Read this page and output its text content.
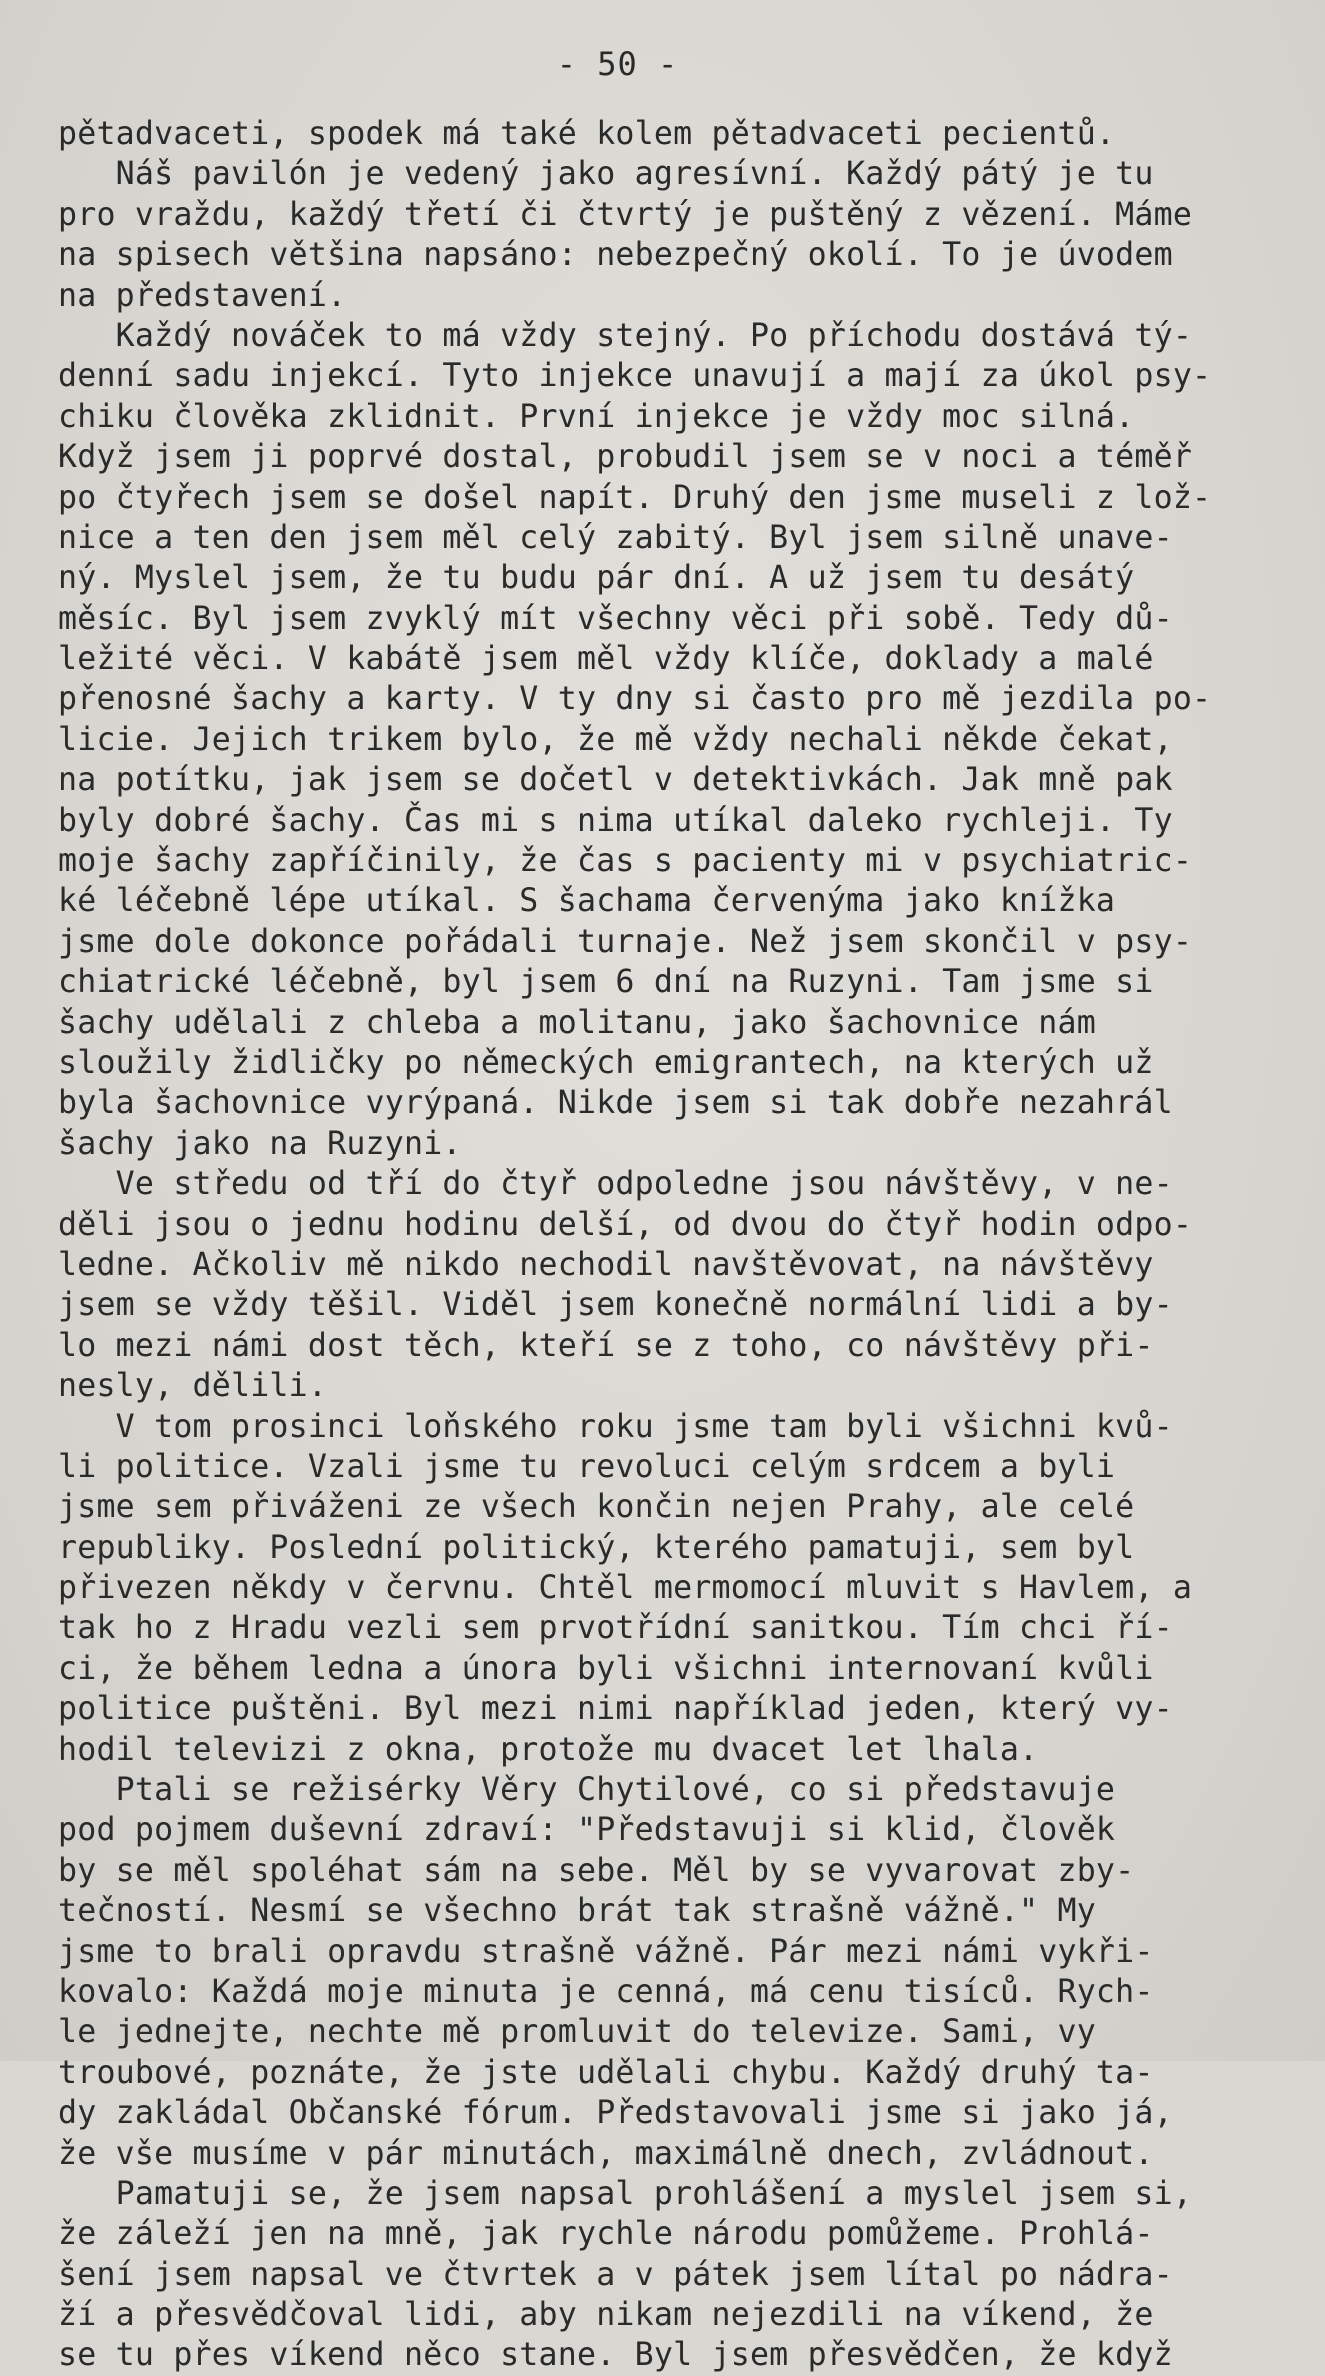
- 50 -
pětadvaceti, spodek má také kolem pětadvaceti pecientů.
Náš pavilón je vedený jako agresívní. Každý pátý je tu
pro vraždu, každý třetí či čtvrtý je puštěný z vězení. Máme
na spisech většina napsáno: nebezpečný okolí. To je úvodem
na představení.
Každý nováček to má vždy stejný. Po příchodu dostává tý-
denní sadu injekcí. Tyto injekce unavují a mají za úkol psy-
chiku člověka zklidnit. První injekce je vždy moc silná.
Když jsem ji poprvé dostal, probudil jsem se v noci a téměř
po čtyřech jsem se došel napít. Druhý den jsme museli z lož-
nice a ten den jsem měl celý zabitý. Byl jsem silně unave-
ný. Myslel jsem, že tu budu pár dní. A už jsem tu desátý
měsíc. Byl jsem zvyklý mít všechny věci při sobě. Tedy dů-
ležité věci. V kabátě jsem měl vždy klíče, doklady a malé
přenosné šachy a karty. V ty dny si často pro mě jezdila po-
licie. Jejich trikem bylo, že mě vždy nechali někde čekat,
na potítku, jak jsem se dočetl v detektivkách. Jak mně pak
byly dobré šachy. Čas mi s nima utíkal daleko rychleji. Ty
moje šachy zapříčinily, že čas s pacienty mi v psychiatric-
ké léčebně lépe utíkal. S šachama červenýma jako knížka
jsme dole dokonce pořádali turnaje. Než jsem skončil v psy-
chiatrické léčebně, byl jsem 6 dní na Ruzyni. Tam jsme si
šachy udělali z chleba a molitanu, jako šachovnice nám
sloužily židličky po německých emigrantech, na kterých už
byla šachovnice vyrýpaná. Nikde jsem si tak dobře nezahrál
šachy jako na Ruzyni.
Ve středu od tří do čtyř odpoledne jsou návštěvy, v ne-
děli jsou o jednu hodinu delší, od dvou do čtyř hodin odpo-
ledne. Ačkoliv mě nikdo nechodil navštěvovat, na návštěvy
jsem se vždy těšil. Viděl jsem konečně normální lidi a by-
lo mezi námi dost těch, kteří se z toho, co návštěvy při-
nesly, dělili.
V tom prosinci loňského roku jsme tam byli všichni kvů-
li politice. Vzali jsme tu revoluci celým srdcem a byli
jsme sem přiváženi ze všech končin nejen Prahy, ale celé
republiky. Poslední politický, kterého pamatuji, sem byl
přivezen někdy v červnu. Chtěl mermomocí mluvit s Havlem, a
tak ho z Hradu vezli sem prvotřídní sanitkou. Tím chci ří-
ci, že během ledna a února byli všichni internovaní kvůli
politice puštěni. Byl mezi nimi například jeden, který vy-
hodil televizi z okna, protože mu dvacet let lhala.
Ptali se režisérky Věry Chytilové, co si představuje
pod pojmem duševní zdraví: "Představuji si klid, člověk
by se měl spoléhat sám na sebe. Měl by se vyvarovat zby-
tečností. Nesmí se všechno brát tak strašně vážně." My
jsme to brali opravdu strašně vážně. Pár mezi námi vykři-
kovalo: Každá moje minuta je cenná, má cenu tisíců. Rych-
le jednejte, nechte mě promluvit do televize. Sami, vy
troubové, poznáte, že jste udělali chybu. Každý druhý ta-
dy zakládal Občanské fórum. Představovali jsme si jako já,
že vše musíme v pár minutách, maximálně dnech, zvládnout.
Pamatuji se, že jsem napsal prohlášení a myslel jsem si,
že záleží jen na mně, jak rychle národu pomůžeme. Prohlá-
šení jsem napsal ve čtvrtek a v pátek jsem lítal po nádra-
ží a přesvědčoval lidi, aby nikam nejezdili na víkend, že
se tu přes víkend něco stane. Byl jsem přesvědčen, že když
